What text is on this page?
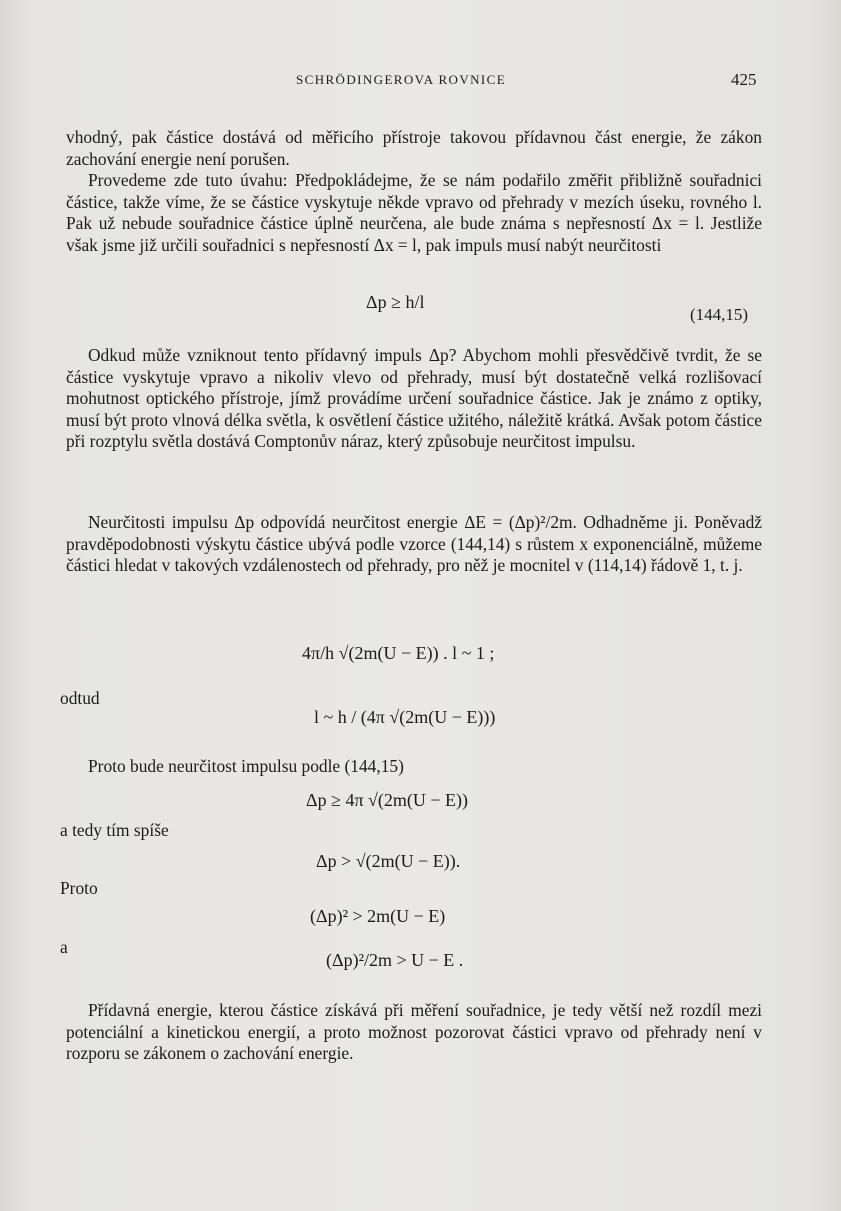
SCHRÖDINGEROVA ROVNICE	425

vhodný, pak částice dostává od měřicího přístroje takovou přídavnou část energie, že zákon zachování energie není porušen.

Provedeme zde tuto úvahu: Předpokládejme, že se nám podařilo změřit přibližně souřadnici částice, takže víme, že se částice vyskytuje někde vpravo od přehrady v mezích úseku, rovného l. Pak už nebude souřadnice částice úplně neurčena, ale bude známa s nepřesností Δx = l. Jestliže však jsme již určili souřadnici s nepřesností Δx = l, pak impuls musí nabýt neurčitosti

Δp ≥ h/l
(144,15)

Odkud může vzniknout tento přídavný impuls Δp? Abychom mohli přesvědčivě tvrdit, že se částice vyskytuje vpravo a nikoliv vlevo od přehrady, musí být dostatečně velká rozlišovací mohutnost optického přístroje, jímž provádíme určení souřadnice částice. Jak je známo z optiky, musí být proto vlnová délka světla, k osvětlení částice užitého, náležitě krátká. Avšak potom částice při rozptylu světla dostává Comptonův náraz, který způsobuje neurčitost impulsu.

Neurčitosti impulsu Δp odpovídá neurčitost energie ΔE = (Δp)²/2m. Odhadněme ji. Poněvadž pravděpodobnosti výskytu částice ubývá podle vzorce (144,14) s růstem x exponenciálně, můžeme částici hledat v takových vzdálenostech od přehrady, pro něž je mocnitel v (114,14) řádově 1, t. j.

4π/h √(2m(U − E)) . l ~ 1 ;
odtud
l ~ h / (4π √(2m(U − E)))

Proto bude neurčitost impulsu podle (144,15)

Δp ≥ 4π √(2m(U − E))
a tedy tím spíše
Δp > √(2m(U − E)).
Proto
(Δp)² > 2m(U − E)
a
(Δp)²/2m > U − E .

Přídavná energie, kterou částice získává při měření souřadnice, je tedy větší než rozdíl mezi potenciální a kinetickou energií, a proto možnost pozorovat částici vpravo od přehrady není v rozporu se zákonem o zachování energie.
